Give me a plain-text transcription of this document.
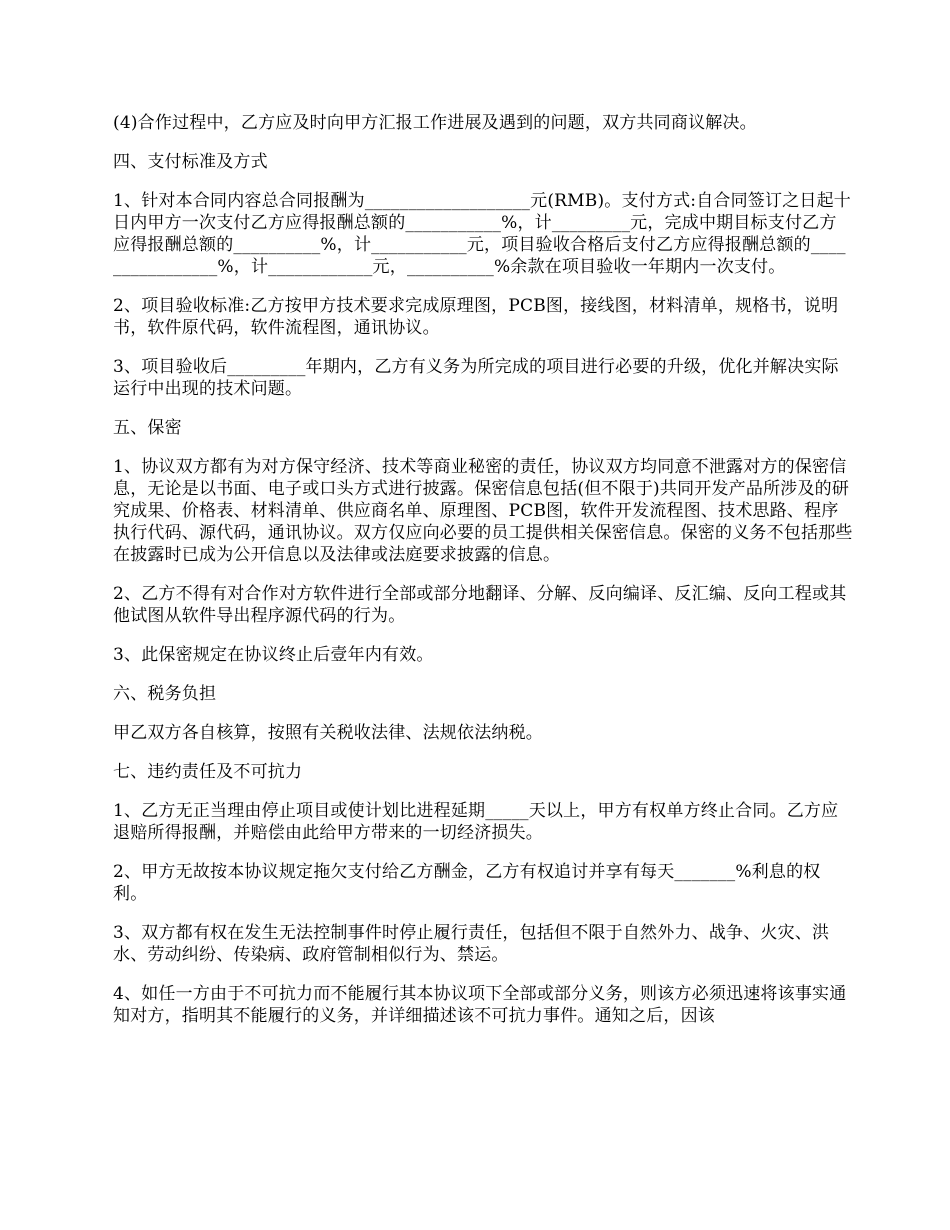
(4)合作过程中，乙方应及时向甲方汇报工作进展及遇到的问题，双方共同商议解决。

四、支付标准及方式

1、针对本合同内容总合同报酬为___________________元(RMB)。支付方式:自合同签订之日起十日内甲方一次支付乙方应得报酬总额的___________%，计_________元，完成中期目标支付乙方应得报酬总额的__________%，计___________元，项目验收合格后支付乙方应得报酬总额的________________%，计____________元，__________%余款在项目验收一年期内一次支付。

2、项目验收标准:乙方按甲方技术要求完成原理图，PCB图，接线图，材料清单，规格书，说明书，软件原代码，软件流程图，通讯协议。

3、项目验收后_________年期内，乙方有义务为所完成的项目进行必要的升级，优化并解决实际运行中出现的技术问题。

五、保密

1、协议双方都有为对方保守经济、技术等商业秘密的责任，协议双方均同意不泄露对方的保密信息，无论是以书面、电子或口头方式进行披露。保密信息包括(但不限于)共同开发产品所涉及的研究成果、价格表、材料清单、供应商名单、原理图、PCB图，软件开发流程图、技术思路、程序执行代码、源代码，通讯协议。双方仅应向必要的员工提供相关保密信息。保密的义务不包括那些在披露时已成为公开信息以及法律或法庭要求披露的信息。

2、乙方不得有对合作对方软件进行全部或部分地翻译、分解、反向编译、反汇编、反向工程或其他试图从软件导出程序源代码的行为。

3、此保密规定在协议终止后壹年内有效。

六、税务负担

甲乙双方各自核算，按照有关税收法律、法规依法纳税。

七、违约责任及不可抗力

1、乙方无正当理由停止项目或使计划比进程延期_____天以上，甲方有权单方终止合同。乙方应退赔所得报酬，并赔偿由此给甲方带来的一切经济损失。

2、甲方无故按本协议规定拖欠支付给乙方酬金，乙方有权追讨并享有每天_______%利息的权利。

3、双方都有权在发生无法控制事件时停止履行责任，包括但不限于自然外力、战争、火灾、洪水、劳动纠纷、传染病、政府管制相似行为、禁运。

4、如任一方由于不可抗力而不能履行其本协议项下全部或部分义务，则该方必须迅速将该事实通知对方，指明其不能履行的义务，并详细描述该不可抗力事件。通知之后，因该
